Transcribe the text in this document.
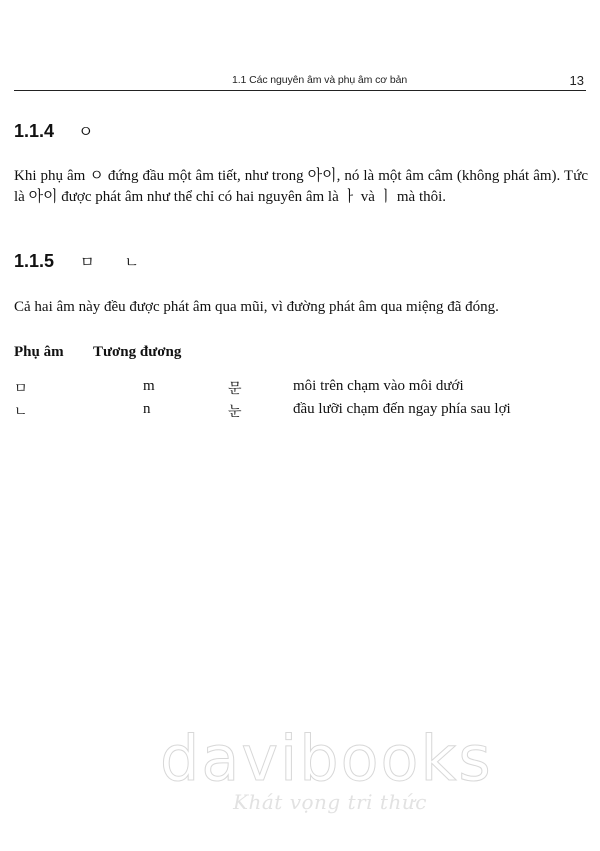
1.1 Các nguyên âm và phụ âm cơ bản	13
1.1.4 ㅇ

Khi phụ âm ㅇ đứng đầu một âm tiết, như trong 아이, nó là một âm câm (không phát âm). Tức là 아이 được phát âm như thể chỉ có hai nguyên âm là ㅏ và ㅣ mà thôi.

1.1.5 ㅁ ㄴ

Cả hai âm này đều được phát âm qua mũi, vì đường phát âm qua miệng đã đóng.

Phụ âm Tương đương
ㅁ	m	문	môi trên chạm vào môi dưới
ㄴ	n	눈	đầu lưỡi chạm đến ngay phía sau lợi
davibooks
Khát vọng tri thức
